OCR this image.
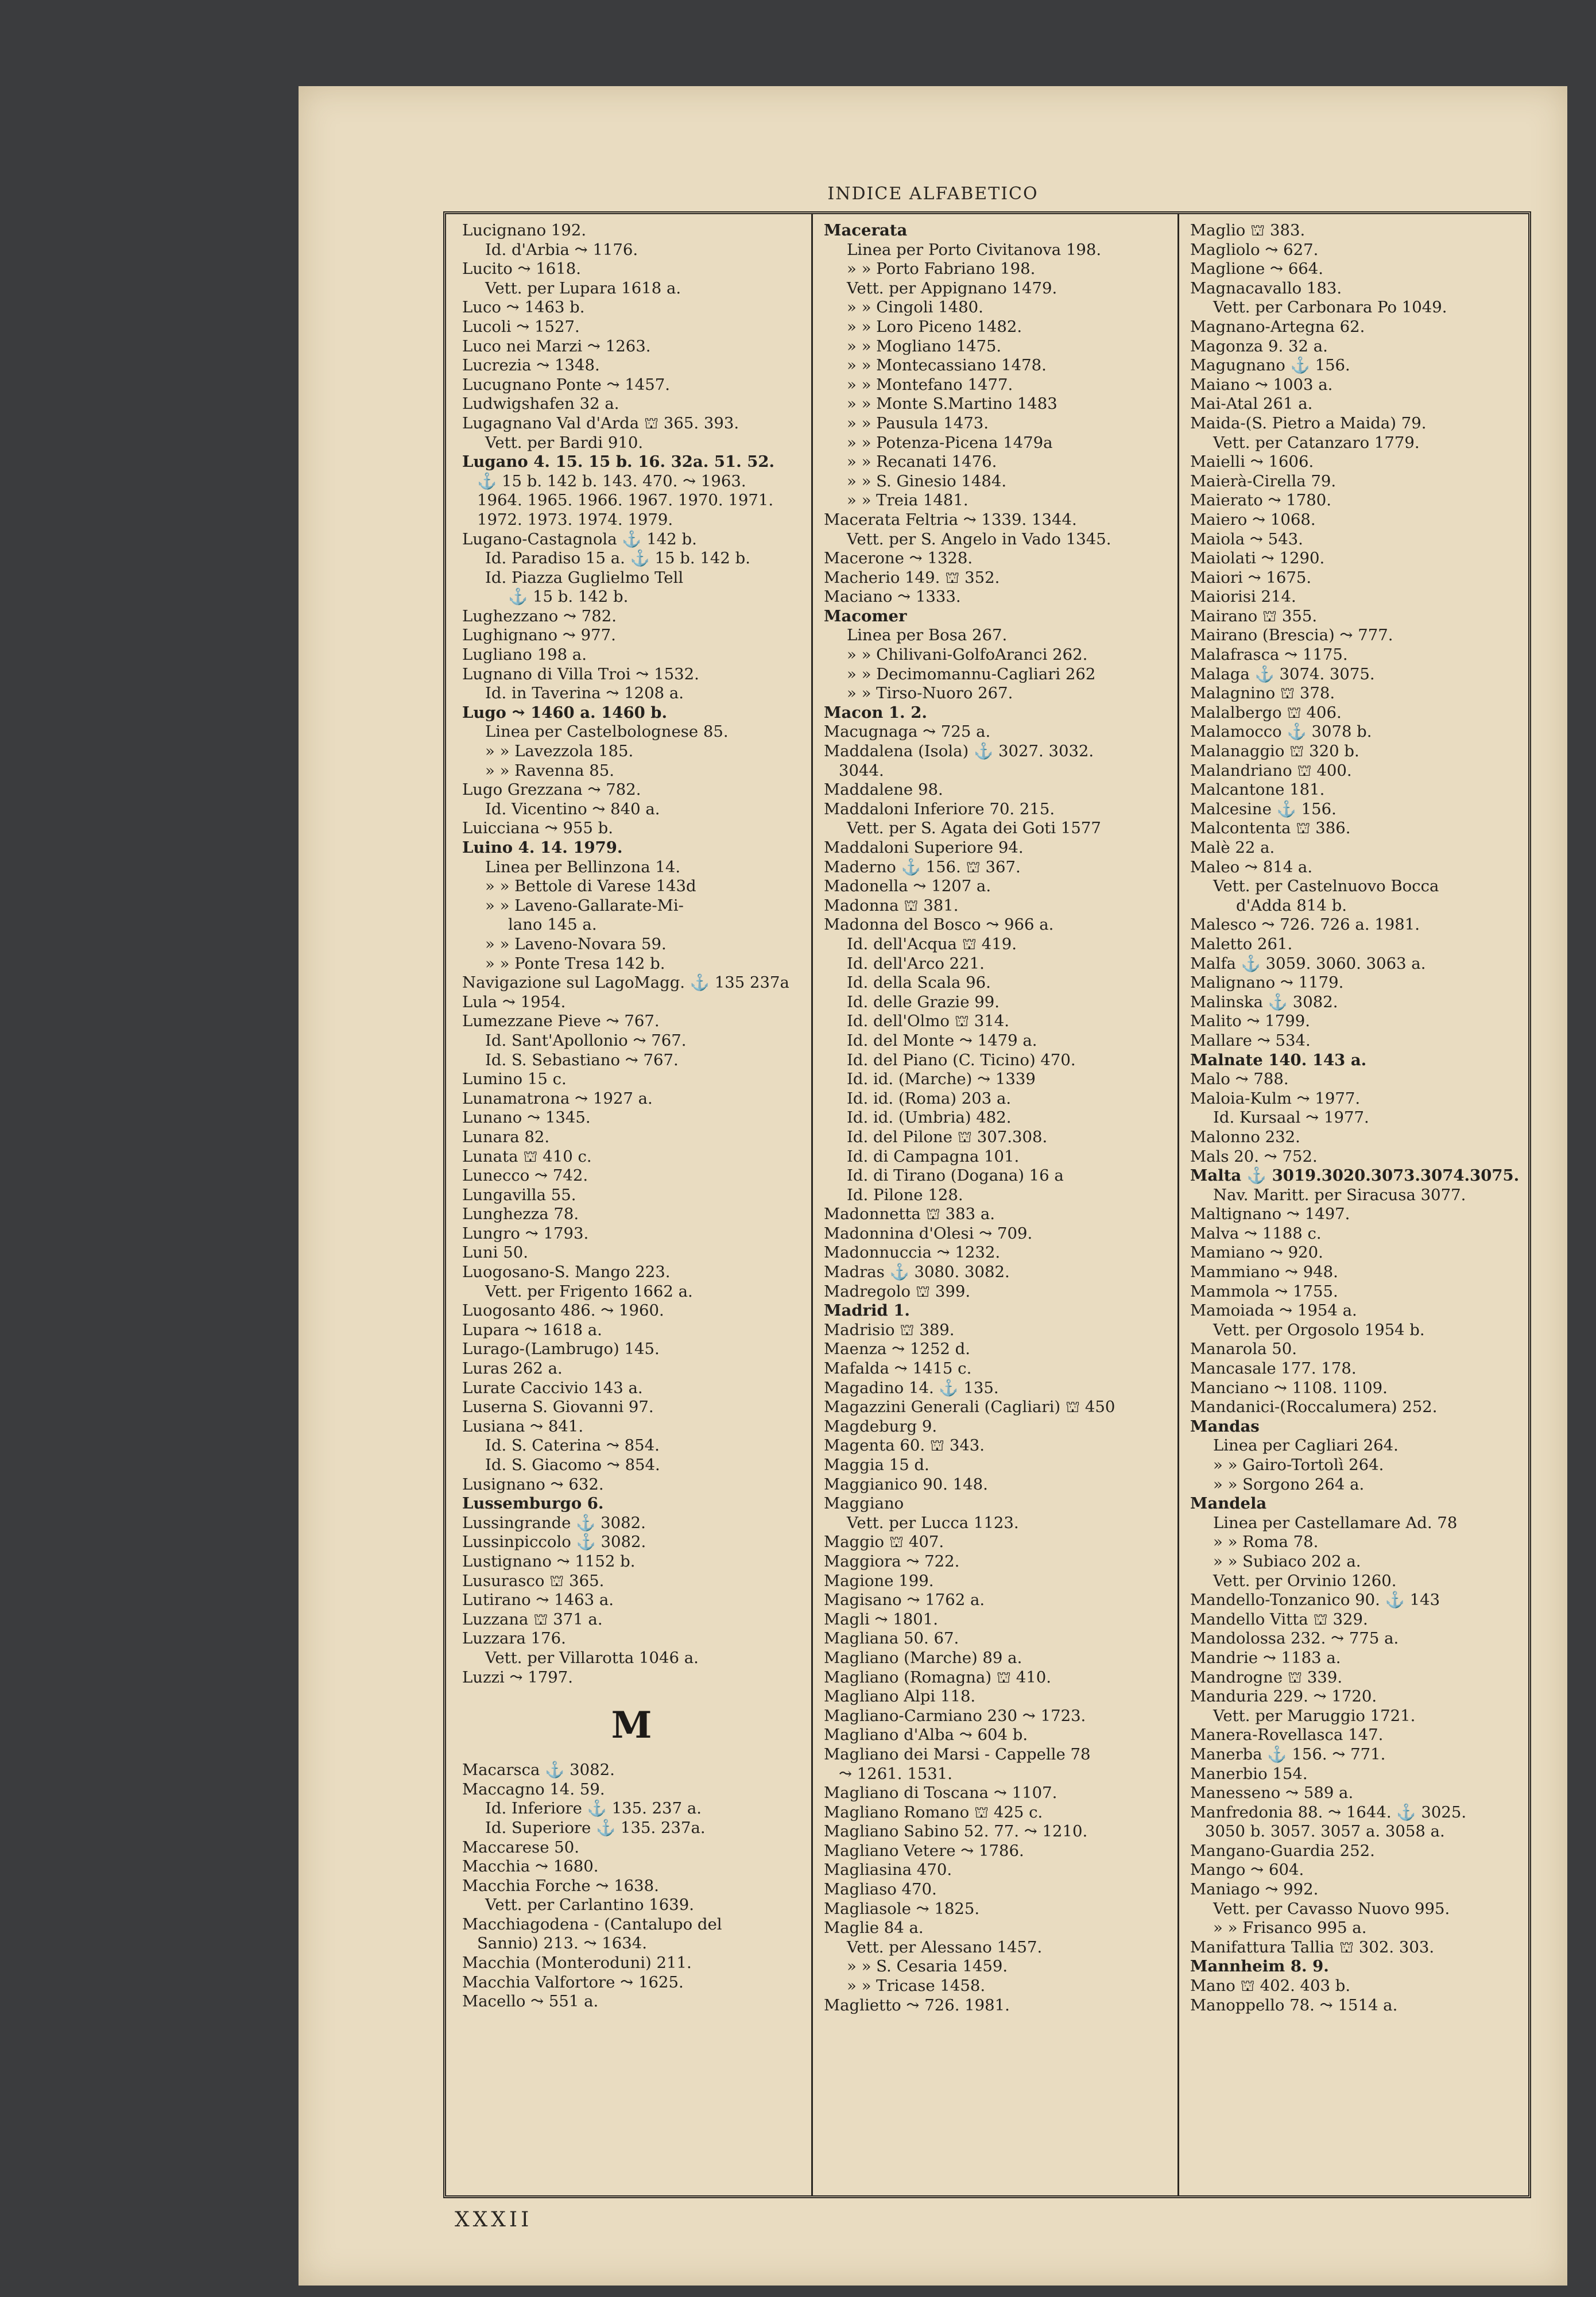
INDICE ALFABETICO
Lucignano 192.
Id. d'Arbia ⤳ 1176.
Lucito ⤳ 1618.
Vett. per Lupara 1618 a.
Luco ⤳ 1463 b.
Lucoli ⤳ 1527.
Luco nei Marzi ⤳ 1263.
Lucrezia ⤳ 1348.
Lucugnano Ponte ⤳ 1457.
Ludwigshafen 32 a.
Lugagnano Val d'Arda ⛫ 365. 393.
Vett. per Bardi 910.
Lugano 4. 15. 15 b. 16. 32a. 51. 52.
⚓ 15 b. 142 b. 143. 470. ⤳ 1963.
1964. 1965. 1966. 1967. 1970. 1971.
1972. 1973. 1974. 1979.
Lugano-Castagnola ⚓ 142 b.
Id. Paradiso 15 a. ⚓ 15 b. 142 b.
Id. Piazza Guglielmo Tell
⚓ 15 b. 142 b.
Lughezzano ⤳ 782.
Lughignano ⤳ 977.
Lugliano 198 a.
Lugnano di Villa Troi ⤳ 1532.
Id. in Taverina ⤳ 1208 a.
Lugo ⤳ 1460 a. 1460 b.
Linea per Castelbolognese 85.
» » Lavezzola 185.
» » Ravenna 85.
Lugo Grezzana ⤳ 782.
Id. Vicentino ⤳ 840 a.
Luicciana ⤳ 955 b.
Luino 4. 14. 1979.
Linea per Bellinzona 14.
» » Bettole di Varese 143d
» » Laveno-Gallarate-Mi-
lano 145 a.
» » Laveno-Novara 59.
» » Ponte Tresa 142 b.
Navigazione sul LagoMagg. ⚓ 135 237a
Lula ⤳ 1954.
Lumezzane Pieve ⤳ 767.
Id. Sant'Apollonio ⤳ 767.
Id. S. Sebastiano ⤳ 767.
Lumino 15 c.
Lunamatrona ⤳ 1927 a.
Lunano ⤳ 1345.
Lunara 82.
Lunata ⛫ 410 c.
Lunecco ⤳ 742.
Lungavilla 55.
Lunghezza 78.
Lungro ⤳ 1793.
Luni 50.
Luogosano-S. Mango 223.
Vett. per Frigento 1662 a.
Luogosanto 486. ⤳ 1960.
Lupara ⤳ 1618 a.
Lurago-(Lambrugo) 145.
Luras 262 a.
Lurate Caccivio 143 a.
Luserna S. Giovanni 97.
Lusiana ⤳ 841.
Id. S. Caterina ⤳ 854.
Id. S. Giacomo ⤳ 854.
Lusignano ⤳ 632.
Lussemburgo 6.
Lussingrande ⚓ 3082.
Lussinpiccolo ⚓ 3082.
Lustignano ⤳ 1152 b.
Lusurasco ⛫ 365.
Lutirano ⤳ 1463 a.
Luzzana ⛫ 371 a.
Luzzara 176.
Vett. per Villarotta 1046 a.
Luzzi ⤳ 1797.
M
Macarsca ⚓ 3082.
Maccagno 14. 59.
Id. Inferiore ⚓ 135. 237 a.
Id. Superiore ⚓ 135. 237a.
Maccarese 50.
Macchia ⤳ 1680.
Macchia Forche ⤳ 1638.
Vett. per Carlantino 1639.
Macchiagodena - (Cantalupo del
Sannio) 213. ⤳ 1634.
Macchia (Monteroduni) 211.
Macchia Valfortore ⤳ 1625.
Macello ⤳ 551 a.
Macerata
Linea per Porto Civitanova 198.
» » Porto Fabriano 198.
Vett. per Appignano 1479.
» » Cingoli 1480.
» » Loro Piceno 1482.
» » Mogliano 1475.
» » Montecassiano 1478.
» » Montefano 1477.
» » Monte S.Martino 1483
» » Pausula 1473.
» » Potenza-Picena 1479a
» » Recanati 1476.
» » S. Ginesio 1484.
» » Treia 1481.
Macerata Feltria ⤳ 1339. 1344.
Vett. per S. Angelo in Vado 1345.
Macerone ⤳ 1328.
Macherio 149. ⛫ 352.
Maciano ⤳ 1333.
Macomer
Linea per Bosa 267.
» » Chilivani-GolfoAranci 262.
» » Decimomannu-Cagliari 262
» » Tirso-Nuoro 267.
Macon 1. 2.
Macugnaga ⤳ 725 a.
Maddalena (Isola) ⚓ 3027. 3032.
3044.
Maddalene 98.
Maddaloni Inferiore 70. 215.
Vett. per S. Agata dei Goti 1577
Maddaloni Superiore 94.
Maderno ⚓ 156. ⛫ 367.
Madonella ⤳ 1207 a.
Madonna ⛫ 381.
Madonna del Bosco ⤳ 966 a.
Id. dell'Acqua ⛫ 419.
Id. dell'Arco 221.
Id. della Scala 96.
Id. delle Grazie 99.
Id. dell'Olmo ⛫ 314.
Id. del Monte ⤳ 1479 a.
Id. del Piano (C. Ticino) 470.
Id. id. (Marche) ⤳ 1339
Id. id. (Roma) 203 a.
Id. id. (Umbria) 482.
Id. del Pilone ⛫ 307.308.
Id. di Campagna 101.
Id. di Tirano (Dogana) 16 a
Id. Pilone 128.
Madonnetta ⛫ 383 a.
Madonnina d'Olesi ⤳ 709.
Madonnuccia ⤳ 1232.
Madras ⚓ 3080. 3082.
Madregolo ⛫ 399.
Madrid 1.
Madrisio ⛫ 389.
Maenza ⤳ 1252 d.
Mafalda ⤳ 1415 c.
Magadino 14. ⚓ 135.
Magazzini Generali (Cagliari) ⛫ 450
Magdeburg 9.
Magenta 60. ⛫ 343.
Maggia 15 d.
Maggianico 90. 148.
Maggiano
Vett. per Lucca 1123.
Maggio ⛫ 407.
Maggiora ⤳ 722.
Magione 199.
Magisano ⤳ 1762 a.
Magli ⤳ 1801.
Magliana 50. 67.
Magliano (Marche) 89 a.
Magliano (Romagna) ⛫ 410.
Magliano Alpi 118.
Magliano-Carmiano 230 ⤳ 1723.
Magliano d'Alba ⤳ 604 b.
Magliano dei Marsi - Cappelle 78
⤳ 1261. 1531.
Magliano di Toscana ⤳ 1107.
Magliano Romano ⛫ 425 c.
Magliano Sabino 52. 77. ⤳ 1210.
Magliano Vetere ⤳ 1786.
Magliasina 470.
Magliaso 470.
Magliasole ⤳ 1825.
Maglie 84 a.
Vett. per Alessano 1457.
» » S. Cesaria 1459.
» » Tricase 1458.
Maglietto ⤳ 726. 1981.
Maglio ⛫ 383.
Magliolo ⤳ 627.
Maglione ⤳ 664.
Magnacavallo 183.
Vett. per Carbonara Po 1049.
Magnano-Artegna 62.
Magonza 9. 32 a.
Magugnano ⚓ 156.
Maiano ⤳ 1003 a.
Mai-Atal 261 a.
Maida-(S. Pietro a Maida) 79.
Vett. per Catanzaro 1779.
Maielli ⤳ 1606.
Maierà-Cirella 79.
Maierato ⤳ 1780.
Maiero ⤳ 1068.
Maiola ⤳ 543.
Maiolati ⤳ 1290.
Maiori ⤳ 1675.
Maiorisi 214.
Mairano ⛫ 355.
Mairano (Brescia) ⤳ 777.
Malafrasca ⤳ 1175.
Malaga ⚓ 3074. 3075.
Malagnino ⛫ 378.
Malalbergo ⛫ 406.
Malamocco ⚓ 3078 b.
Malanaggio ⛫ 320 b.
Malandriano ⛫ 400.
Malcantone 181.
Malcesine ⚓ 156.
Malcontenta ⛫ 386.
Malè 22 a.
Maleo ⤳ 814 a.
Vett. per Castelnuovo Bocca
d'Adda 814 b.
Malesco ⤳ 726. 726 a. 1981.
Maletto 261.
Malfa ⚓ 3059. 3060. 3063 a.
Malignano ⤳ 1179.
Malinska ⚓ 3082.
Malito ⤳ 1799.
Mallare ⤳ 534.
Malnate 140. 143 a.
Malo ⤳ 788.
Maloia-Kulm ⤳ 1977.
Id. Kursaal ⤳ 1977.
Malonno 232.
Mals 20. ⤳ 752.
Malta ⚓ 3019.3020.3073.3074.3075.
Nav. Maritt. per Siracusa 3077.
Maltignano ⤳ 1497.
Malva ⤳ 1188 c.
Mamiano ⤳ 920.
Mammiano ⤳ 948.
Mammola ⤳ 1755.
Mamoiada ⤳ 1954 a.
Vett. per Orgosolo 1954 b.
Manarola 50.
Mancasale 177. 178.
Manciano ⤳ 1108. 1109.
Mandanici-(Roccalumera) 252.
Mandas
Linea per Cagliari 264.
» » Gairo-Tortolì 264.
» » Sorgono 264 a.
Mandela
Linea per Castellamare Ad. 78
» » Roma 78.
» » Subiaco 202 a.
Vett. per Orvinio 1260.
Mandello-Tonzanico 90. ⚓ 143
Mandello Vitta ⛫ 329.
Mandolossa 232. ⤳ 775 a.
Mandrie ⤳ 1183 a.
Mandrogne ⛫ 339.
Manduria 229. ⤳ 1720.
Vett. per Maruggio 1721.
Manera-Rovellasca 147.
Manerba ⚓ 156. ⤳ 771.
Manerbio 154.
Manesseno ⤳ 589 a.
Manfredonia 88. ⤳ 1644. ⚓ 3025.
3050 b. 3057. 3057 a. 3058 a.
Mangano-Guardia 252.
Mango ⤳ 604.
Maniago ⤳ 992.
Vett. per Cavasso Nuovo 995.
» » Frisanco 995 a.
Manifattura Tallia ⛫ 302. 303.
Mannheim 8. 9.
Mano ⛫ 402. 403 b.
Manoppello 78. ⤳ 1514 a.
XXXII
